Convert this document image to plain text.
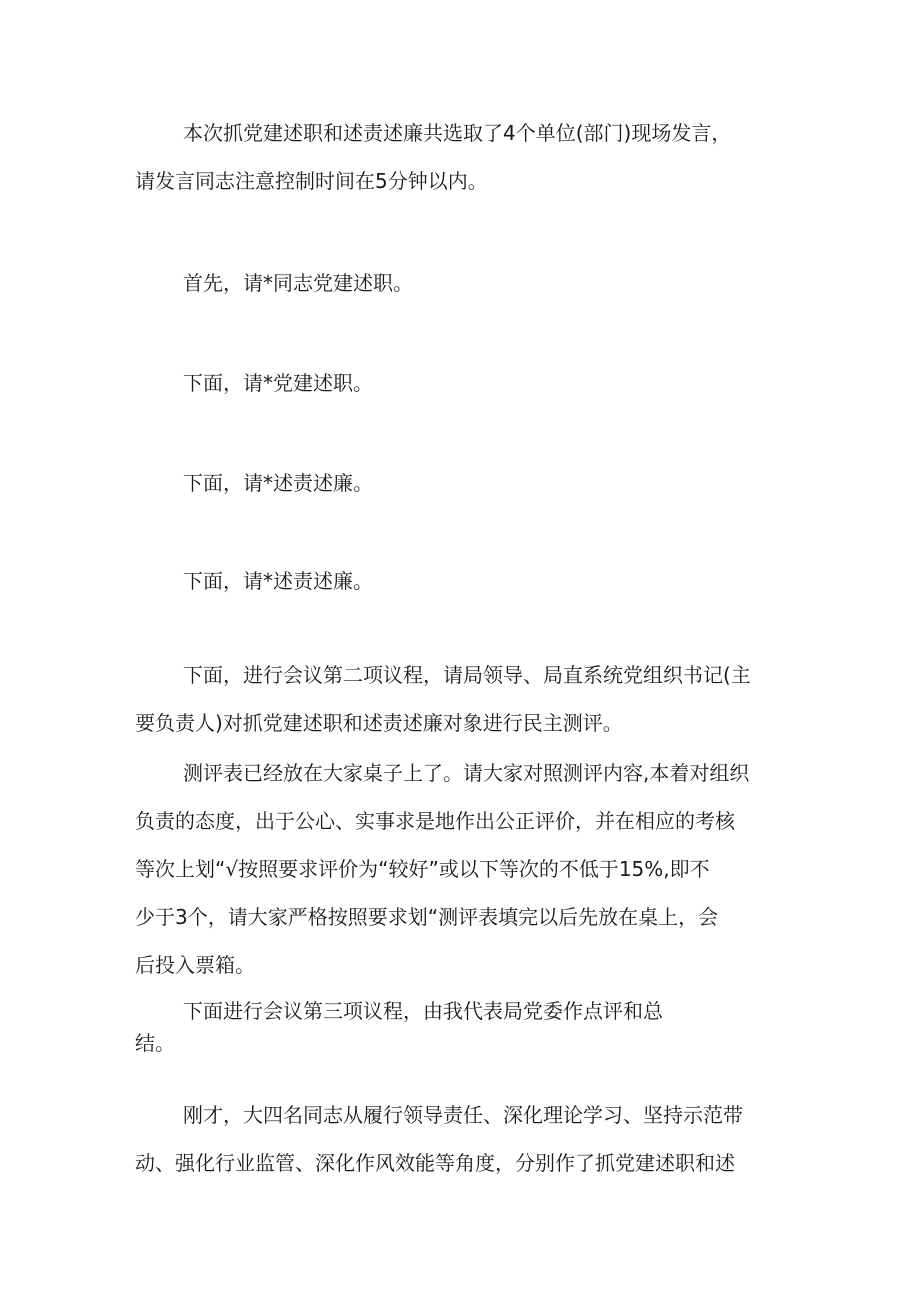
本次抓党建述职和述责述廉共选取了4个单位(部门)现场发言，
请发言同志注意控制时间在5分钟以内。
首先，请*同志党建述职。
下面，请*党建述职。
下面，请*述责述廉。
下面，请*述责述廉。
下面，进行会议第二项议程，请局领导、局直系统党组织书记(主
要负责人)对抓党建述职和述责述廉对象进行民主测评。
测评表已经放在大家桌子上了。请大家对照测评内容,本着对组织
负责的态度，出于公心、实事求是地作出公正评价，并在相应的考核
等次上划“√按照要求评价为“较好”或以下等次的不低于15%,即不
少于3个，请大家严格按照要求划“测评表填完以后先放在桌上，会
后投入票箱。
下面进行会议第三项议程，由我代表局党委作点评和总
结。
刚才，大四名同志从履行领导责任、深化理论学习、坚持示范带
动、强化行业监管、深化作风效能等角度，分别作了抓党建述职和述
